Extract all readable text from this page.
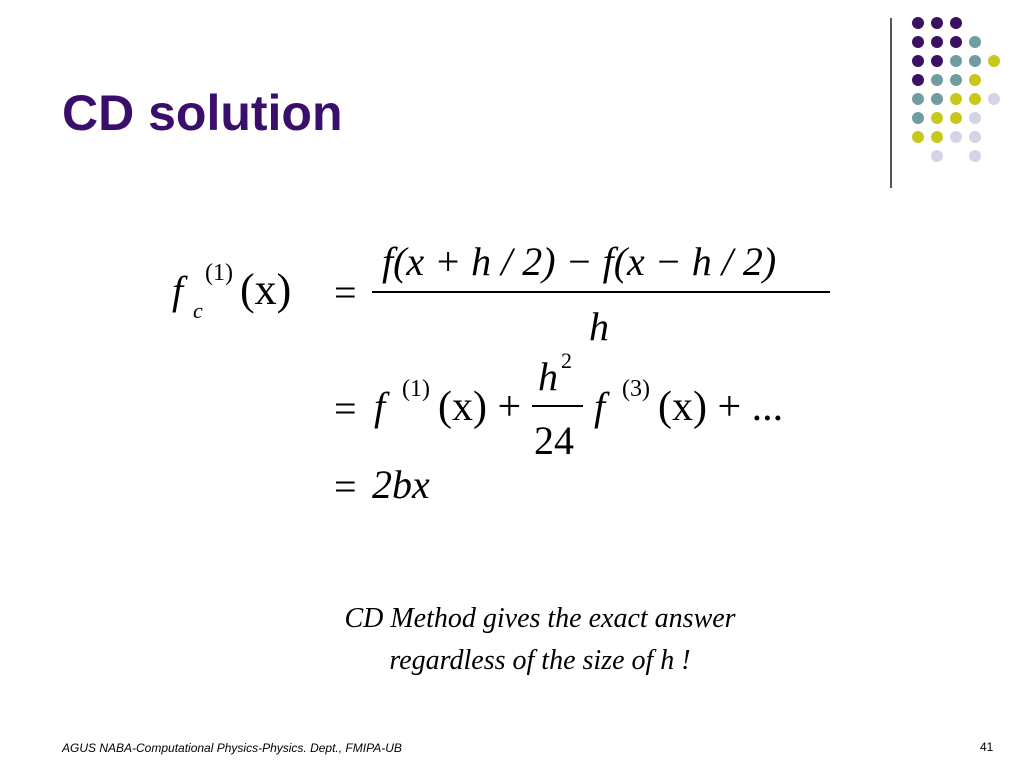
CD solution
f c
(1) (x) =
f(x + h / 2) − f(x − h / 2)
h
= f (1) (x) +
h 2
24
f (3) (x) + ...
= 2bx
CD Method gives the exact answer
regardless of the size of h !
AGUS NABA-Computational Physics-Physics. Dept., FMIPA-UB	41
